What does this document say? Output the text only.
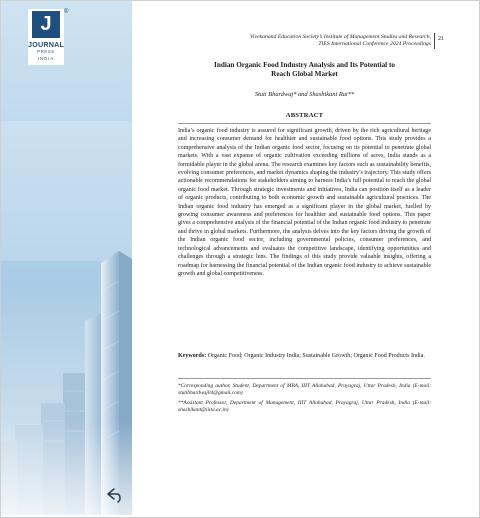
J
®
JOURNAL
PRESS
INDIA
Vivekanand Education Society’s Institute of Management Studies and Research,
TIES International Conference 2024 Proceedings
21
Indian Organic Food Industry Analysis and Its Potential to
Reach Global Market
Stuti Bhardwaj* and Shashikant Rai**
ABSTRACT
India’s organic food industry is assured for significant growth, driven by the rich agricultural heritage and increasing consumer demand for healthier and sustainable food options. This study provides a comprehensive analysis of the Indian organic food sector, focusing on its potential to penetrate global markets. With a vast expanse of organic cultivation exceeding millions of acres, India stands as a formidable player in the global arena. The research examines key factors such as sustainability benefits, evolving consumer preferences, and market dynamics shaping the industry’s trajectory. This study offers actionable recommendations for stakeholders aiming to harness India’s full potential to reach the global organic food market. Through strategic investments and initiatives, India can position itself as a leader of organic products, contributing to both economic growth and sustainable agricultural practices. The Indian organic food industry has emerged as a significant player in the global market, fuelled by growing consumer awareness and preferences for healthier and sustainable food options. This paper gives a comprehensive analysis of the financial potential of the Indian organic food industry to penetrate and thrive in global markets. Furthermore, the analysis delves into the key factors driving the growth of the Indian organic food sector, including governmental policies, consumer preferences, and technological advancements and evaluates the competitive landscape, identifying opportunities and challenges through a strategic lens. The findings of this study provide valuable insights, offering a roadmap for harnessing the financial potential of the Indian organic food industry to achieve sustainable growth and global competitiveness.
Keywords: Organic Food; Organic Industry India; Sustainable Growth; Organic Food Products India.
*Corresponding author, Student, Department of MBA, IIIT Allahabad, Prayagraj, Uttar Pradesh, India (E-mail: stutibhardwaj04@gmail.com)
**Assistant Professor, Department of Management, IIIT Allahabad, Prayagraj, Uttar Pradesh, India (E-mail: shashikant@iiita.ac.in)
